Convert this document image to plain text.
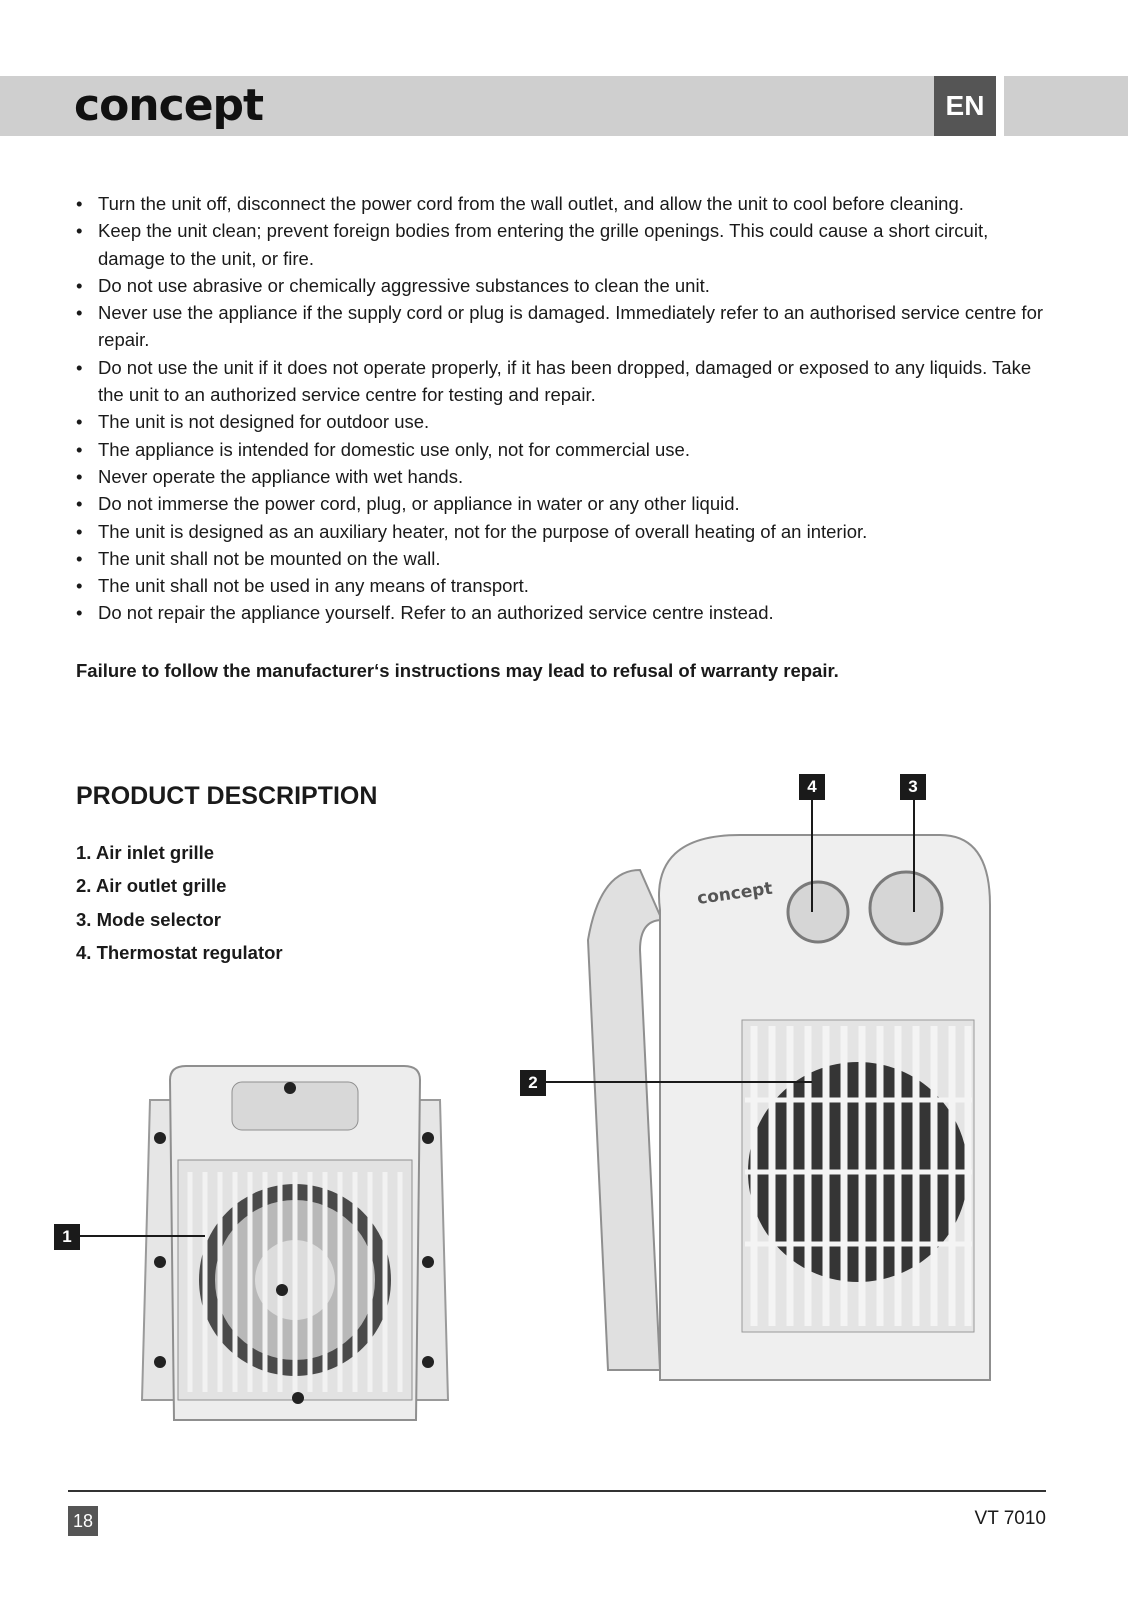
concept	EN
• Turn the unit off, disconnect the power cord from the wall outlet, and allow the unit to cool before cleaning.
• Keep the unit clean; prevent foreign bodies from entering the grille openings. This could cause a short circuit, damage to the unit, or fire.
• Do not use abrasive or chemically aggressive substances to clean the unit.
• Never use the appliance if the supply cord or plug is damaged. Immediately refer to an authorised service centre for repair.
• Do not use the unit if it does not operate properly, if it has been dropped, damaged or exposed to any liquids. Take the unit to an authorized service centre for testing and repair.
• The unit is not designed for outdoor use.
• The appliance is intended for domestic use only, not for commercial use.
• Never operate the appliance with wet hands.
• Do not immerse the power cord, plug, or appliance in water or any other liquid.
• The unit is designed as an auxiliary heater, not for the purpose of overall heating of an interior.
• The unit shall not be mounted on the wall.
• The unit shall not be used in any means of transport.
• Do not repair the appliance yourself. Refer to an authorized service centre instead.
Failure to follow the manufacturer‘s instructions may lead to refusal of warranty repair.
PRODUCT DESCRIPTION
1. Air inlet grille
2. Air outlet grille
3. Mode selector
4. Thermostat regulator
concept
1
2
3
4
18	VT 7010
